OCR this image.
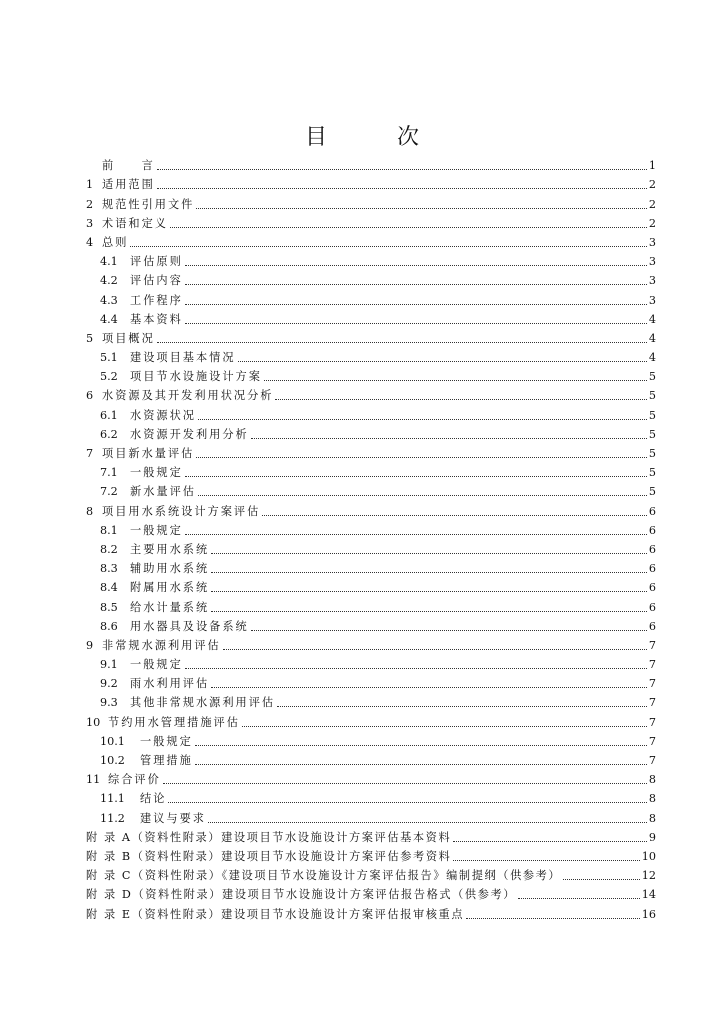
目　次
前　　言	1
1 适用范围	2
2 规范性引用文件	2
3 术语和定义	2
4 总则	3
4.1	评估原则	3
4.2	评估内容	3
4.3	工作程序	3
4.4	基本资料	4
5 项目概况	4
5.1	建设项目基本情况	4
5.2	项目节水设施设计方案	5
6 水资源及其开发利用状况分析	5
6.1	水资源状况	5
6.2	水资源开发利用分析	5
7 项目新水量评估	5
7.1	一般规定	5
7.2	新水量评估	5
8 项目用水系统设计方案评估	6
8.1	一般规定	6
8.2	主要用水系统	6
8.3	辅助用水系统	6
8.4	附属用水系统	6
8.5	给水计量系统	6
8.6	用水器具及设备系统	6
9 非常规水源利用评估	7
9.1	一般规定	7
9.2	雨水利用评估	7
9.3	其他非常规水源利用评估	7
10 节约用水管理措施评估	7
10.1	一般规定	7
10.2	管理措施	7
11 综合评价	8
11.1	结论	8
11.2	建议与要求	8
附 录 A（资料性附录）建设项目节水设施设计方案评估基本资料	9
附 录 B（资料性附录）建设项目节水设施设计方案评估参考资料	10
附 录 C（资料性附录）《建设项目节水设施设计方案评估报告》编制提纲（供参考）	12
附 录 D（资料性附录）建设项目节水设施设计方案评估报告格式（供参考）	14
附 录 E（资料性附录）建设项目节水设施设计方案评估报审核重点	16
